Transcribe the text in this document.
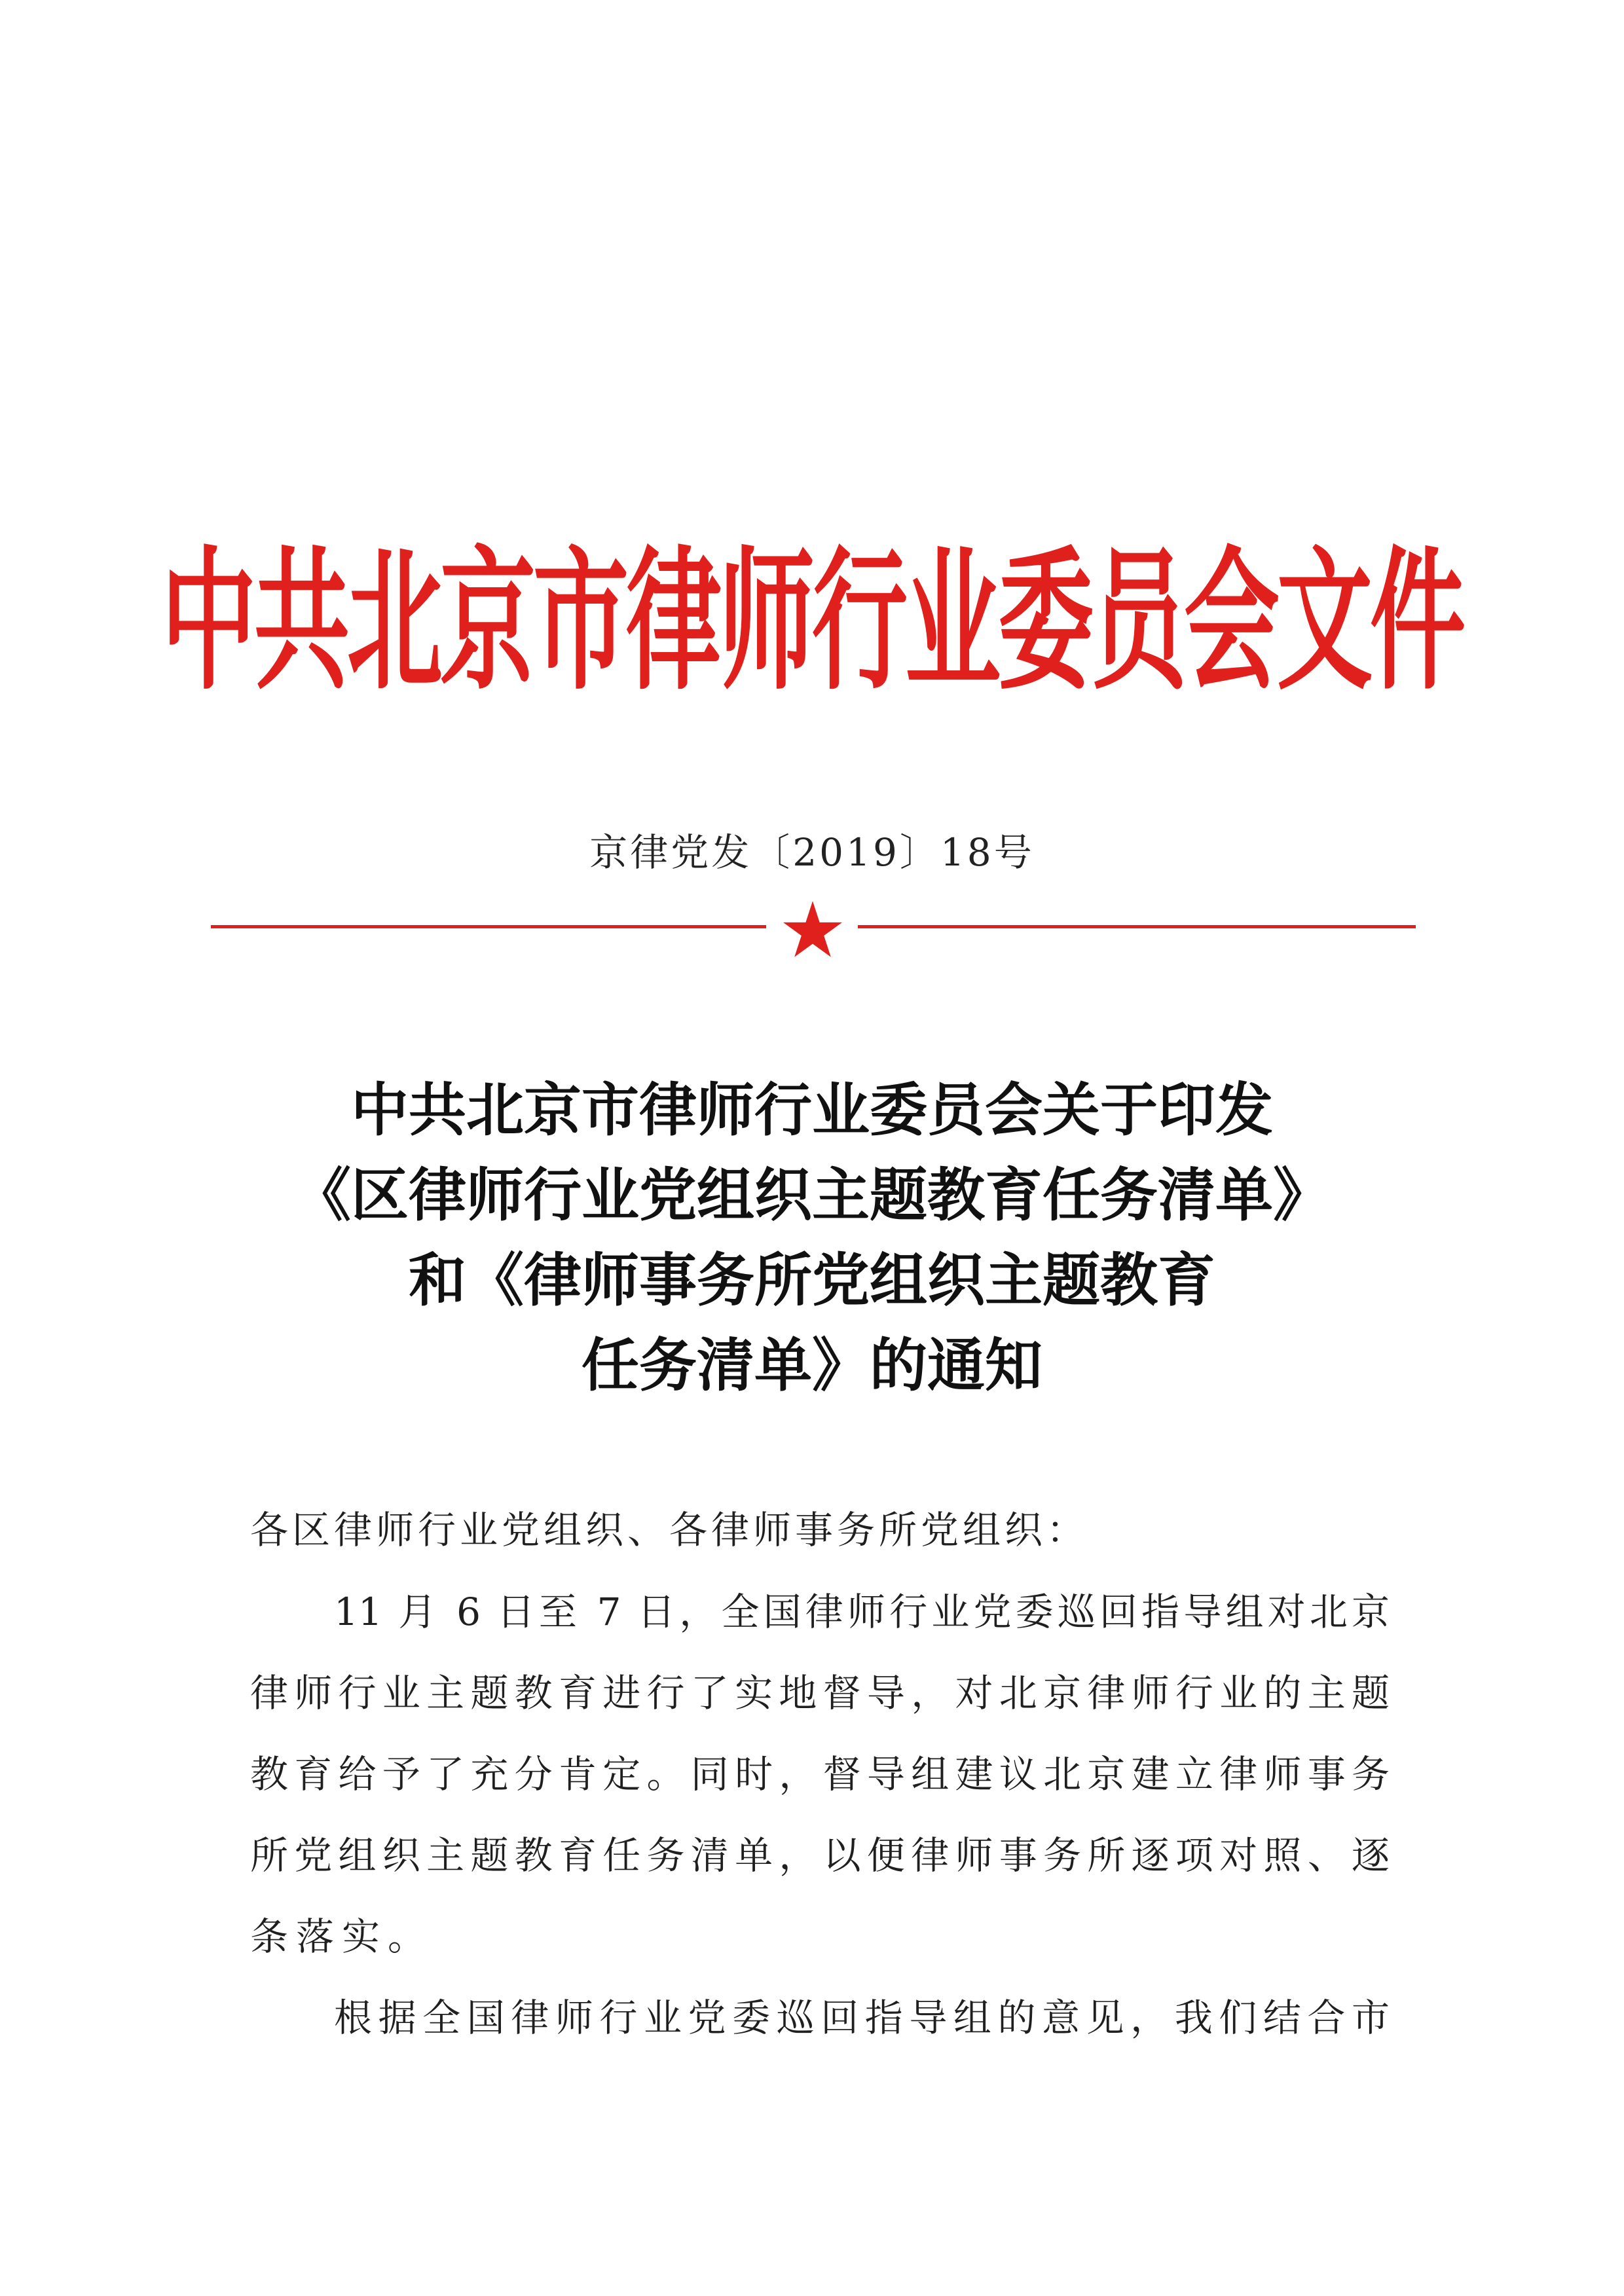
中共北京市律师行业委员会文件
京律党发〔2019〕18号
中共北京市律师行业委员会关于印发
《区律师行业党组织主题教育任务清单》
和《律师事务所党组织主题教育
任务清单》的通知
各区律师行业党组织、各律师事务所党组织：
11 月 6 日至 7 日，全国律师行业党委巡回指导组对北京
律师行业主题教育进行了实地督导，对北京律师行业的主题
教育给予了充分肯定。同时，督导组建议北京建立律师事务
所党组织主题教育任务清单，以便律师事务所逐项对照、逐
条落实。
根据全国律师行业党委巡回指导组的意见，我们结合市
